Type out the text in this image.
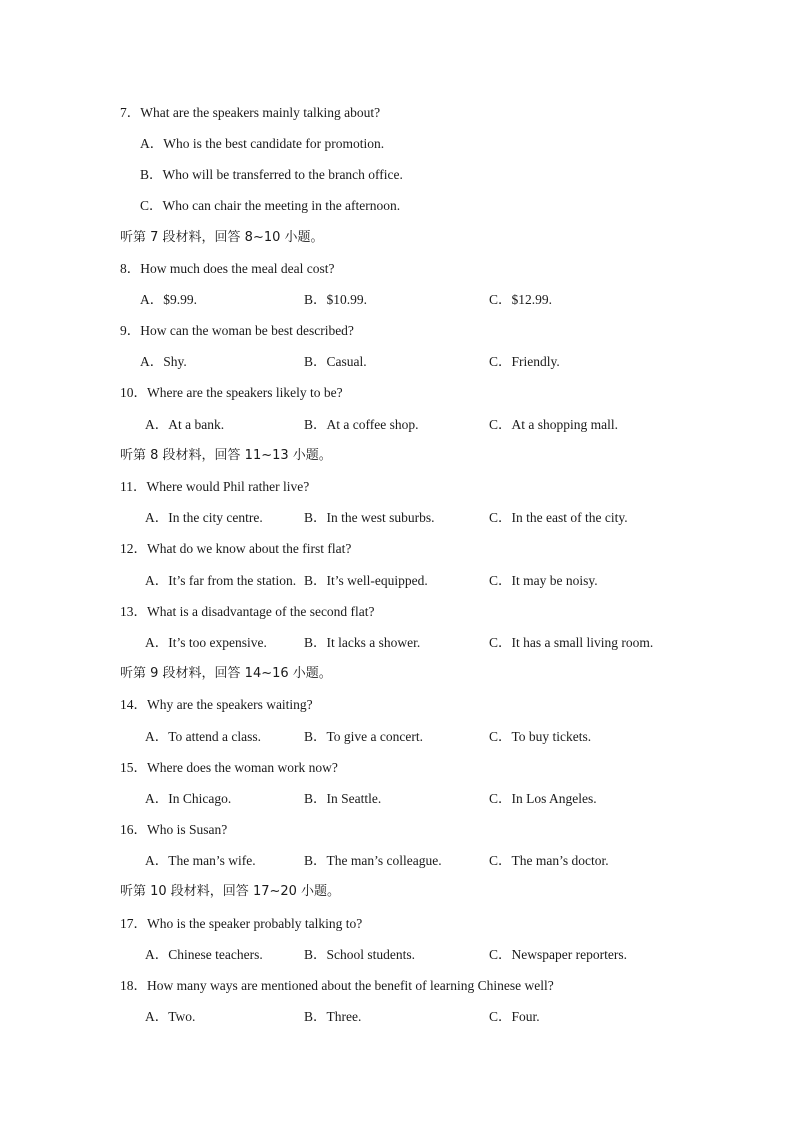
7．What are the speakers mainly talking about?
A．Who is the best candidate for promotion.
B．Who will be transferred to the branch office.
C．Who can chair the meeting in the afternoon.
听第 7 段材料，回答 8~10 小题。
8．How much does the meal deal cost?
A．$9.99.	B．$10.99.	C．$12.99.
9．How can the woman be best described?
A．Shy.	B．Casual.	C．Friendly.
10．Where are the speakers likely to be?
A．At a bank.	B．At a coffee shop.	C．At a shopping mall.
听第 8 段材料，回答 11~13 小题。
11．Where would Phil rather live?
A．In the city centre.	B．In the west suburbs.	C．In the east of the city.
12．What do we know about the first flat?
A．It’s far from the station. B．It’s well-equipped.	C．It may be noisy.
13．What is a disadvantage of the second flat?
A．It’s too expensive.	B．It lacks a shower.	C．It has a small living room.
听第 9 段材料，回答 14~16 小题。
14．Why are the speakers waiting?
A．To attend a class.	B．To give a concert.	C．To buy tickets.
15．Where does the woman work now?
A．In Chicago.	B．In Seattle.	C．In Los Angeles.
16．Who is Susan?
A．The man’s wife.	B．The man’s colleague.	C．The man’s doctor.
听第 10 段材料，回答 17~20 小题。
17．Who is the speaker probably talking to?
A．Chinese teachers.	B．School students.	C．Newspaper reporters.
18．How many ways are mentioned about the benefit of learning Chinese well?
A．Two.	B．Three.	C．Four.
